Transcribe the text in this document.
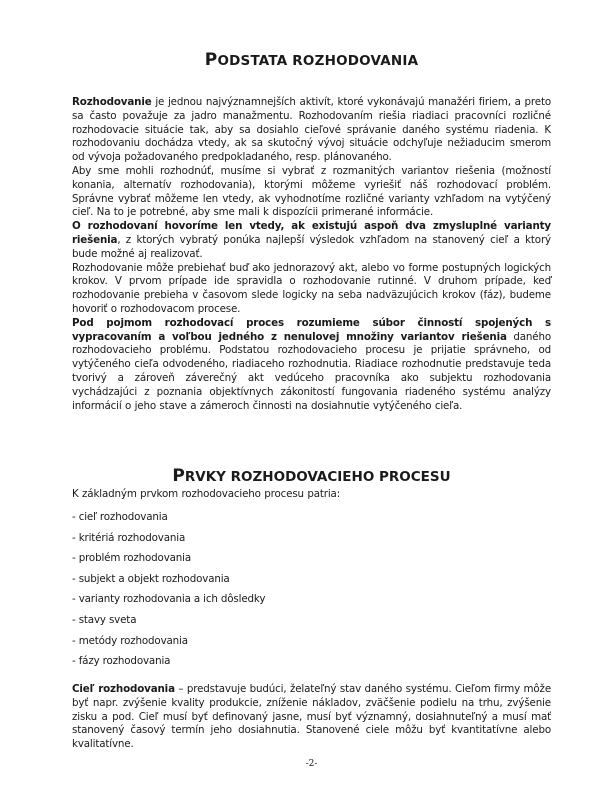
PODSTATA ROZHODOVANIA

Rozhodovanie je jednou najvýznamnejších aktivít, ktoré vykonávajú manažéri firiem, a preto sa často považuje za jadro manažmentu. Rozhodovaním riešia riadiaci pracovníci rozličné rozhodovacie situácie tak, aby sa dosiahlo cieľové správanie daného systému riadenia. K rozhodovaniu dochádza vtedy, ak sa skutočný vývoj situácie odchyľuje nežiaducim smerom od vývoja požadovaného predpokladaného, resp. plánovaného.

Aby sme mohli rozhodnúť, musíme si vybrať z rozmanitých variantov riešenia (možností konania, alternatív rozhodovania), ktorými môžeme vyriešiť náš rozhodovací problém. Správne vybrať môžeme len vtedy, ak vyhodnotíme rozličné varianty vzhľadom na vytýčený cieľ. Na to je potrebné, aby sme mali k dispozícii primerané informácie.

O rozhodovaní hovoríme len vtedy, ak existujú aspoň dva zmysluplné varianty riešenia, z ktorých vybratý ponúka najlepší výsledok vzhľadom na stanovený cieľ a ktorý bude možné aj realizovať.

Rozhodovanie môže prebiehať buď ako jednorazový akt, alebo vo forme postupných logických krokov. V prvom prípade ide spravidla o rozhodovanie rutinné. V druhom prípade, keď rozhodovanie prebieha v časovom slede logicky na seba nadväzujúcich krokov (fáz), budeme hovoriť o rozhodovacom procese.

Pod pojmom rozhodovací proces rozumieme súbor činností spojených s vypracovaním a voľbou jedného z nenulovej množiny variantov riešenia daného rozhodovacieho problému. Podstatou rozhodovacieho procesu je prijatie správneho, od vytýčeného cieľa odvodeného, riadiaceho rozhodnutia. Riadiace rozhodnutie predstavuje teda tvorivý a zároveň záverečný akt vedúceho pracovníka ako subjektu rozhodovania vychádzajúci z poznania objektívnych zákonitostí fungovania riadeného systému analýzy informácií o jeho stave a zámeroch činnosti na dosiahnutie vytýčeného cieľa.

PRVKY ROZHODOVACIEHO PROCESU

K základným prvkom rozhodovacieho procesu patria:

- cieľ rozhodovania
- kritériá rozhodovania
- problém rozhodovania
- subjekt a objekt rozhodovania
- varianty rozhodovania a ich dôsledky
- stavy sveta
- metódy rozhodovania
- fázy rozhodovania

Cieľ rozhodovania – predstavuje budúci, želateľný stav daného systému. Cieľom firmy môže byť napr. zvýšenie kvality produkcie, zníženie nákladov, zväčšenie podielu na trhu, zvýšenie zisku a pod. Cieľ musí byť definovaný jasne, musí byť významný, dosiahnuteľný a musí mať stanovený časový termín jeho dosiahnutia. Stanovené ciele môžu byť kvantitatívne alebo kvalitatívne.

-2-
